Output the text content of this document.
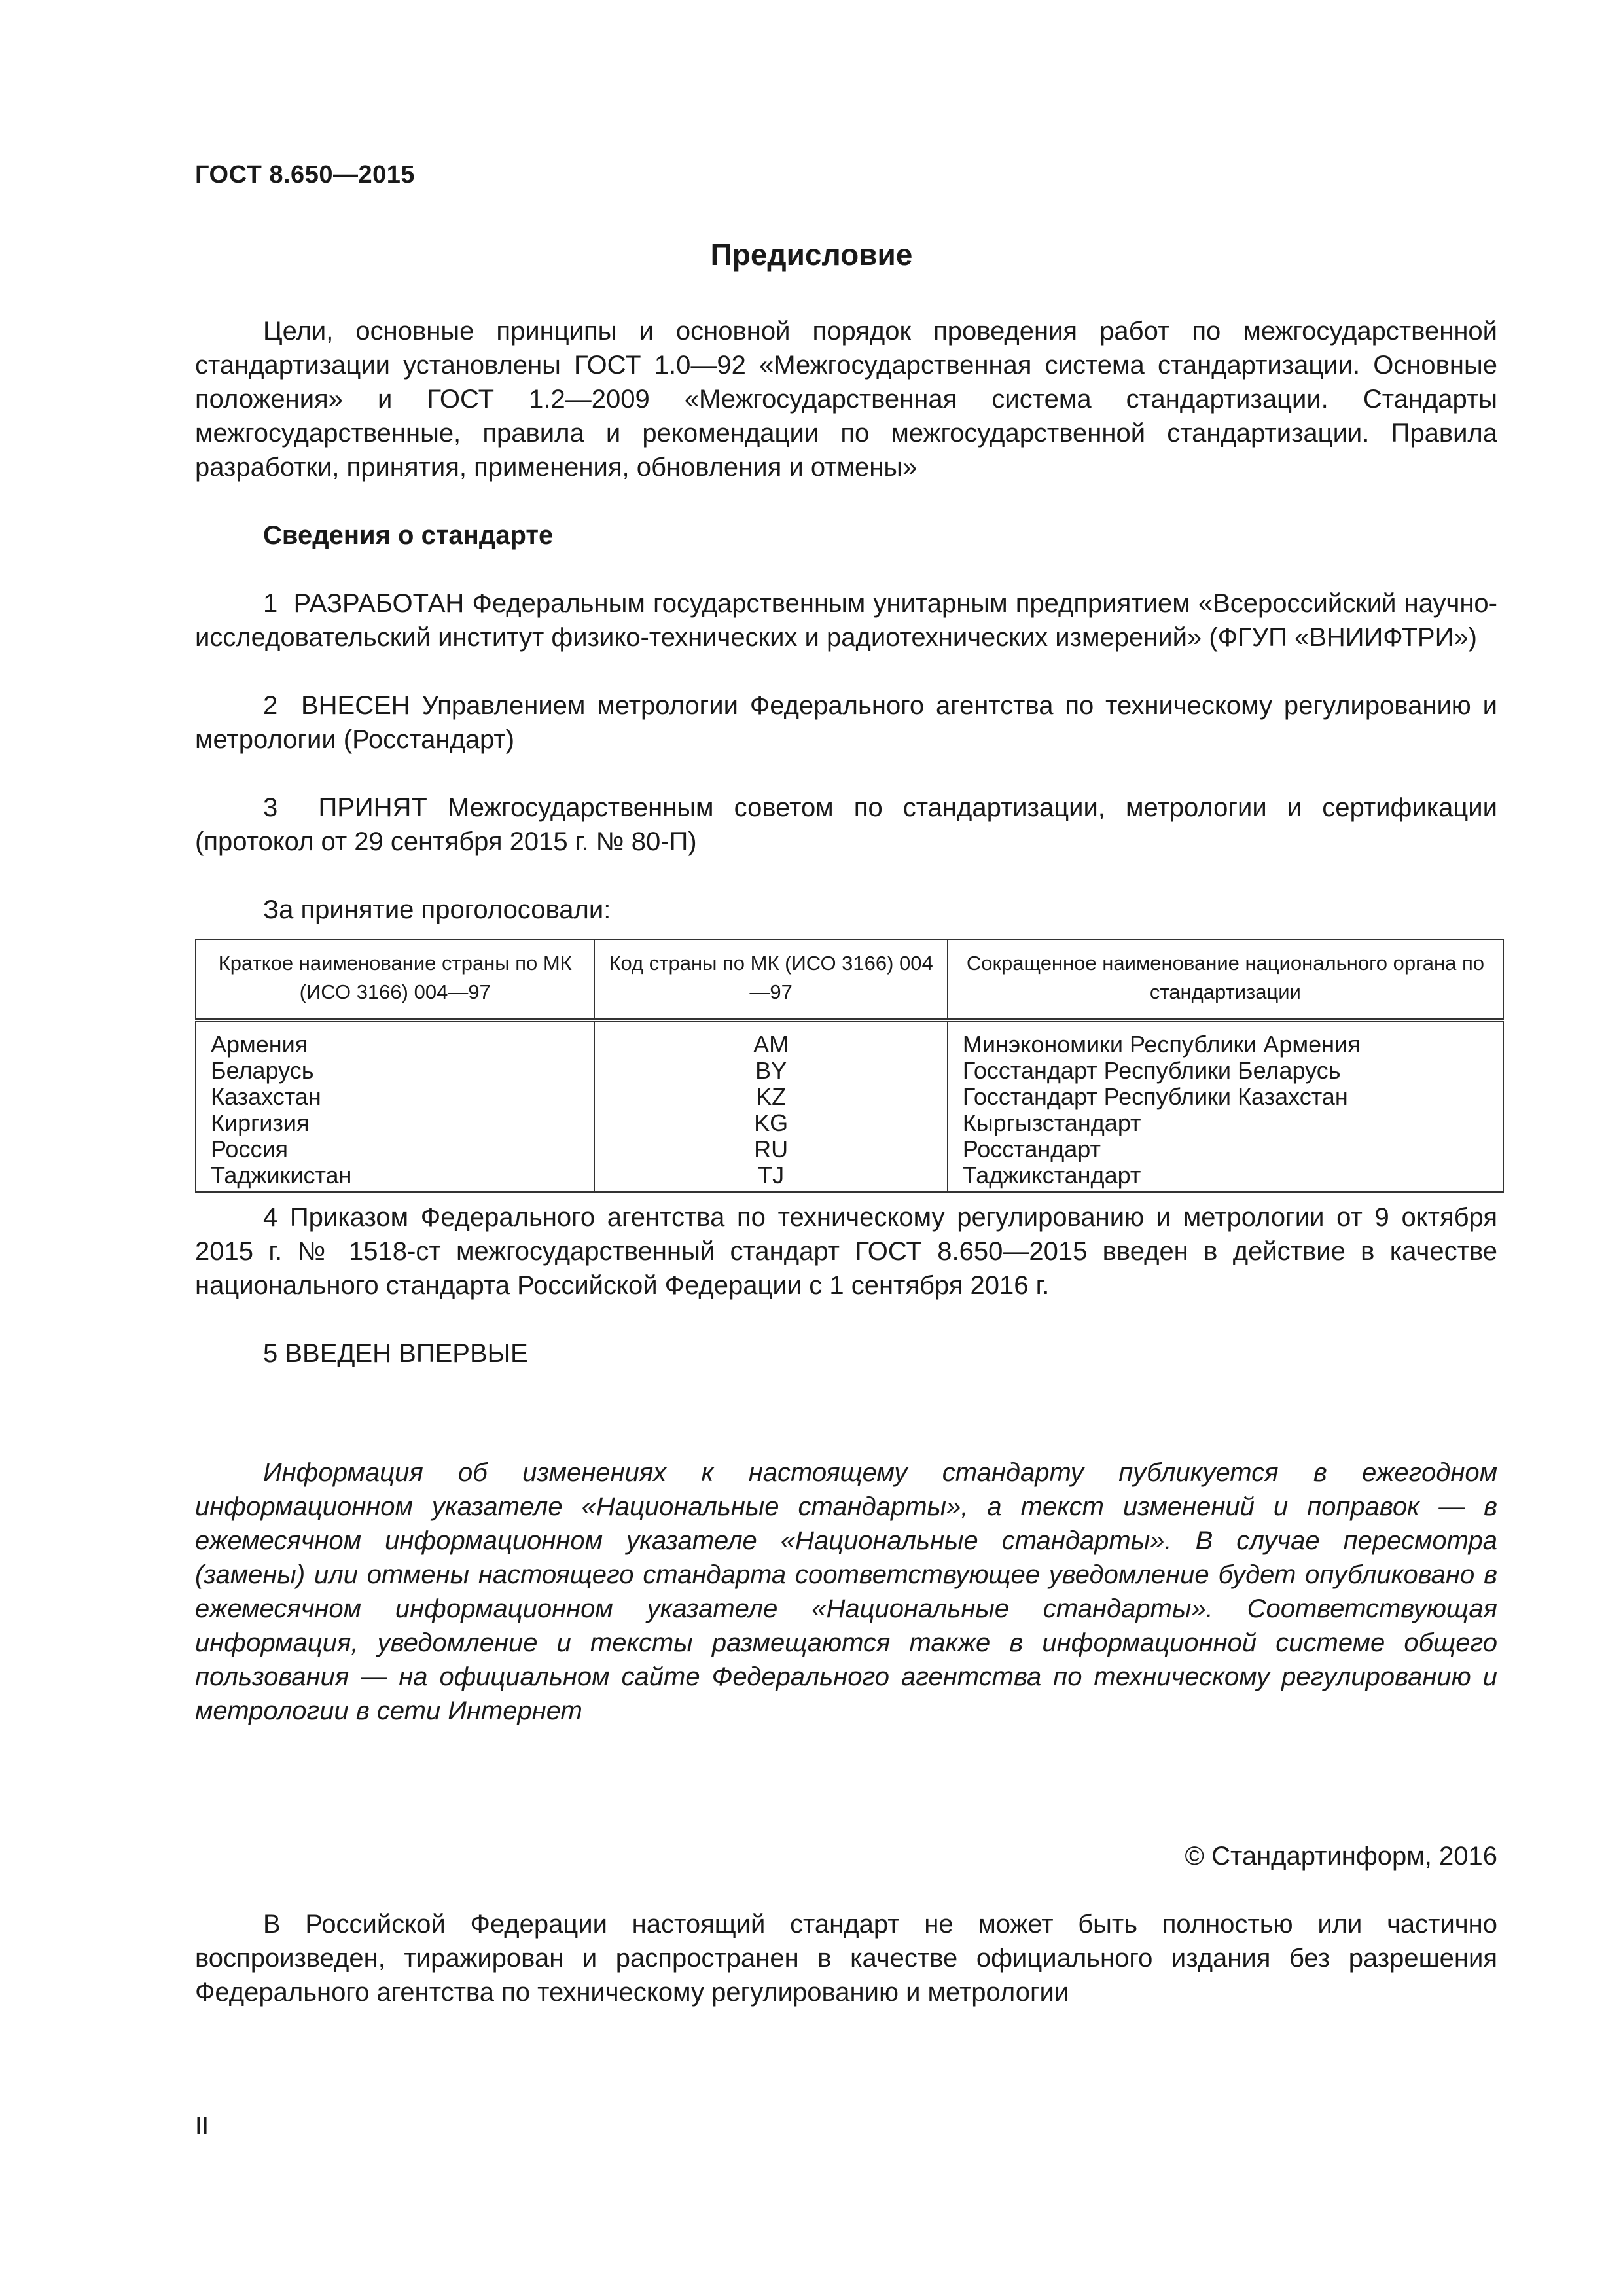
ГОСТ 8.650—2015
Предисловие

Цели, основные принципы и основной порядок проведения работ по межгосударственной стандартизации установлены ГОСТ 1.0—92 «Межгосударственная система стандартизации. Основные положения» и ГОСТ 1.2—2009 «Межгосударственная система стандартизации. Стандарты межгосударственные, правила и рекомендации по межгосударственной стандартизации. Правила разработки, принятия, применения, обновления и отмены»

Сведения о стандарте

1 РАЗРАБОТАН Федеральным государственным унитарным предприятием «Всероссийский научно-исследовательский институт физико-технических и радиотехнических измерений» (ФГУП «ВНИИФТРИ»)

2 ВНЕСЕН Управлением метрологии Федерального агентства по техническому регулированию и метрологии (Росстандарт)

3 ПРИНЯТ Межгосударственным советом по стандартизации, метрологии и сертификации (протокол от 29 сентября 2015 г. № 80-П)

За принятие проголосовали:

Краткое наименование страны по МК (ИСО 3166) 004—97	Код страны по МК (ИСО 3166) 004—97	Сокращенное наименование национального органа по стандартизации
Армения	AM	Минэкономики Республики Армения
Беларусь	BY	Госстандарт Республики Беларусь
Казахстан	KZ	Госстандарт Республики Казахстан
Киргизия	KG	Кыргызстандарт
Россия	RU	Росстандарт
Таджикистан	TJ	Таджикстандарт

4 Приказом Федерального агентства по техническому регулированию и метрологии от 9 октября 2015 г. № 1518-ст межгосударственный стандарт ГОСТ 8.650—2015 введен в действие в качестве национального стандарта Российской Федерации с 1 сентября 2016 г.

5 ВВЕДЕН ВПЕРВЫЕ

Информация об изменениях к настоящему стандарту публикуется в ежегодном информационном указателе «Национальные стандарты», а текст изменений и поправок — в ежемесячном информационном указателе «Национальные стандарты». В случае пересмотра (замены) или отмены настоящего стандарта соответствующее уведомление будет опубликовано в ежемесячном информационном указателе «Национальные стандарты». Соответствующая информация, уведомление и тексты размещаются также в информационной системе общего пользования — на официальном сайте Федерального агентства по техническому регулированию и метрологии в сети Интернет

© Стандартинформ, 2016

В Российской Федерации настоящий стандарт не может быть полностью или частично воспроизведен, тиражирован и распространен в качестве официального издания без разрешения Федерального агентства по техническому регулированию и метрологии

II
